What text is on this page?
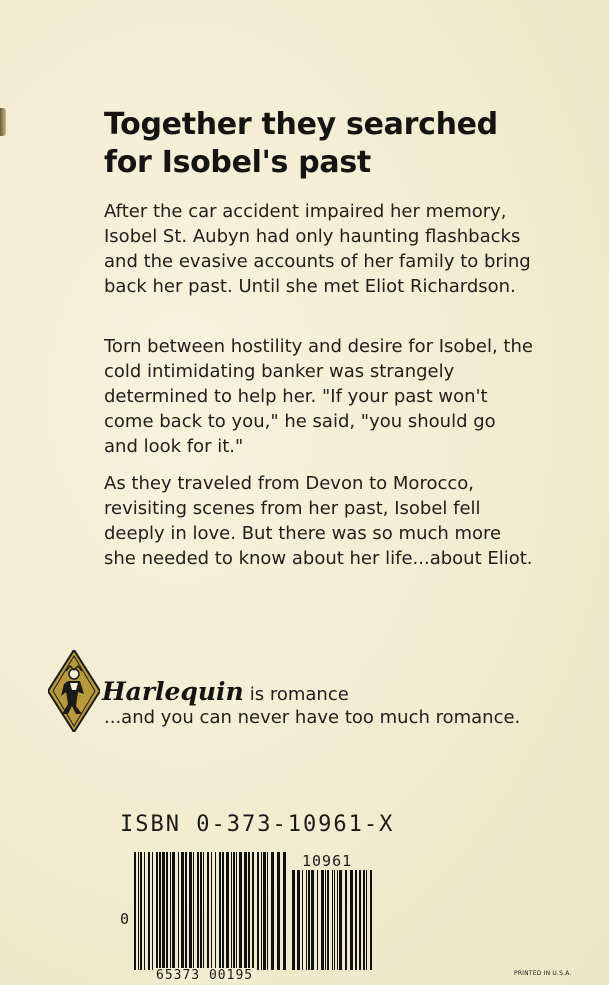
Together they searched for Isobel's past

After the car accident impaired her memory, Isobel St. Aubyn had only haunting flashbacks and the evasive accounts of her family to bring back her past. Until she met Eliot Richardson.

Torn between hostility and desire for Isobel, the cold intimidating banker was strangely determined to help her. "If your past won't come back to you," he said, "you should go and look for it."

As they traveled from Devon to Morocco, revisiting scenes from her past, Isobel fell deeply in love. But there was so much more she needed to know about her life...about Eliot.

Harlequin is romance
...and you can never have too much romance.
ISBN 0-373-10961-X
10961
0
65373 00195	PRINTED IN U.S.A.
